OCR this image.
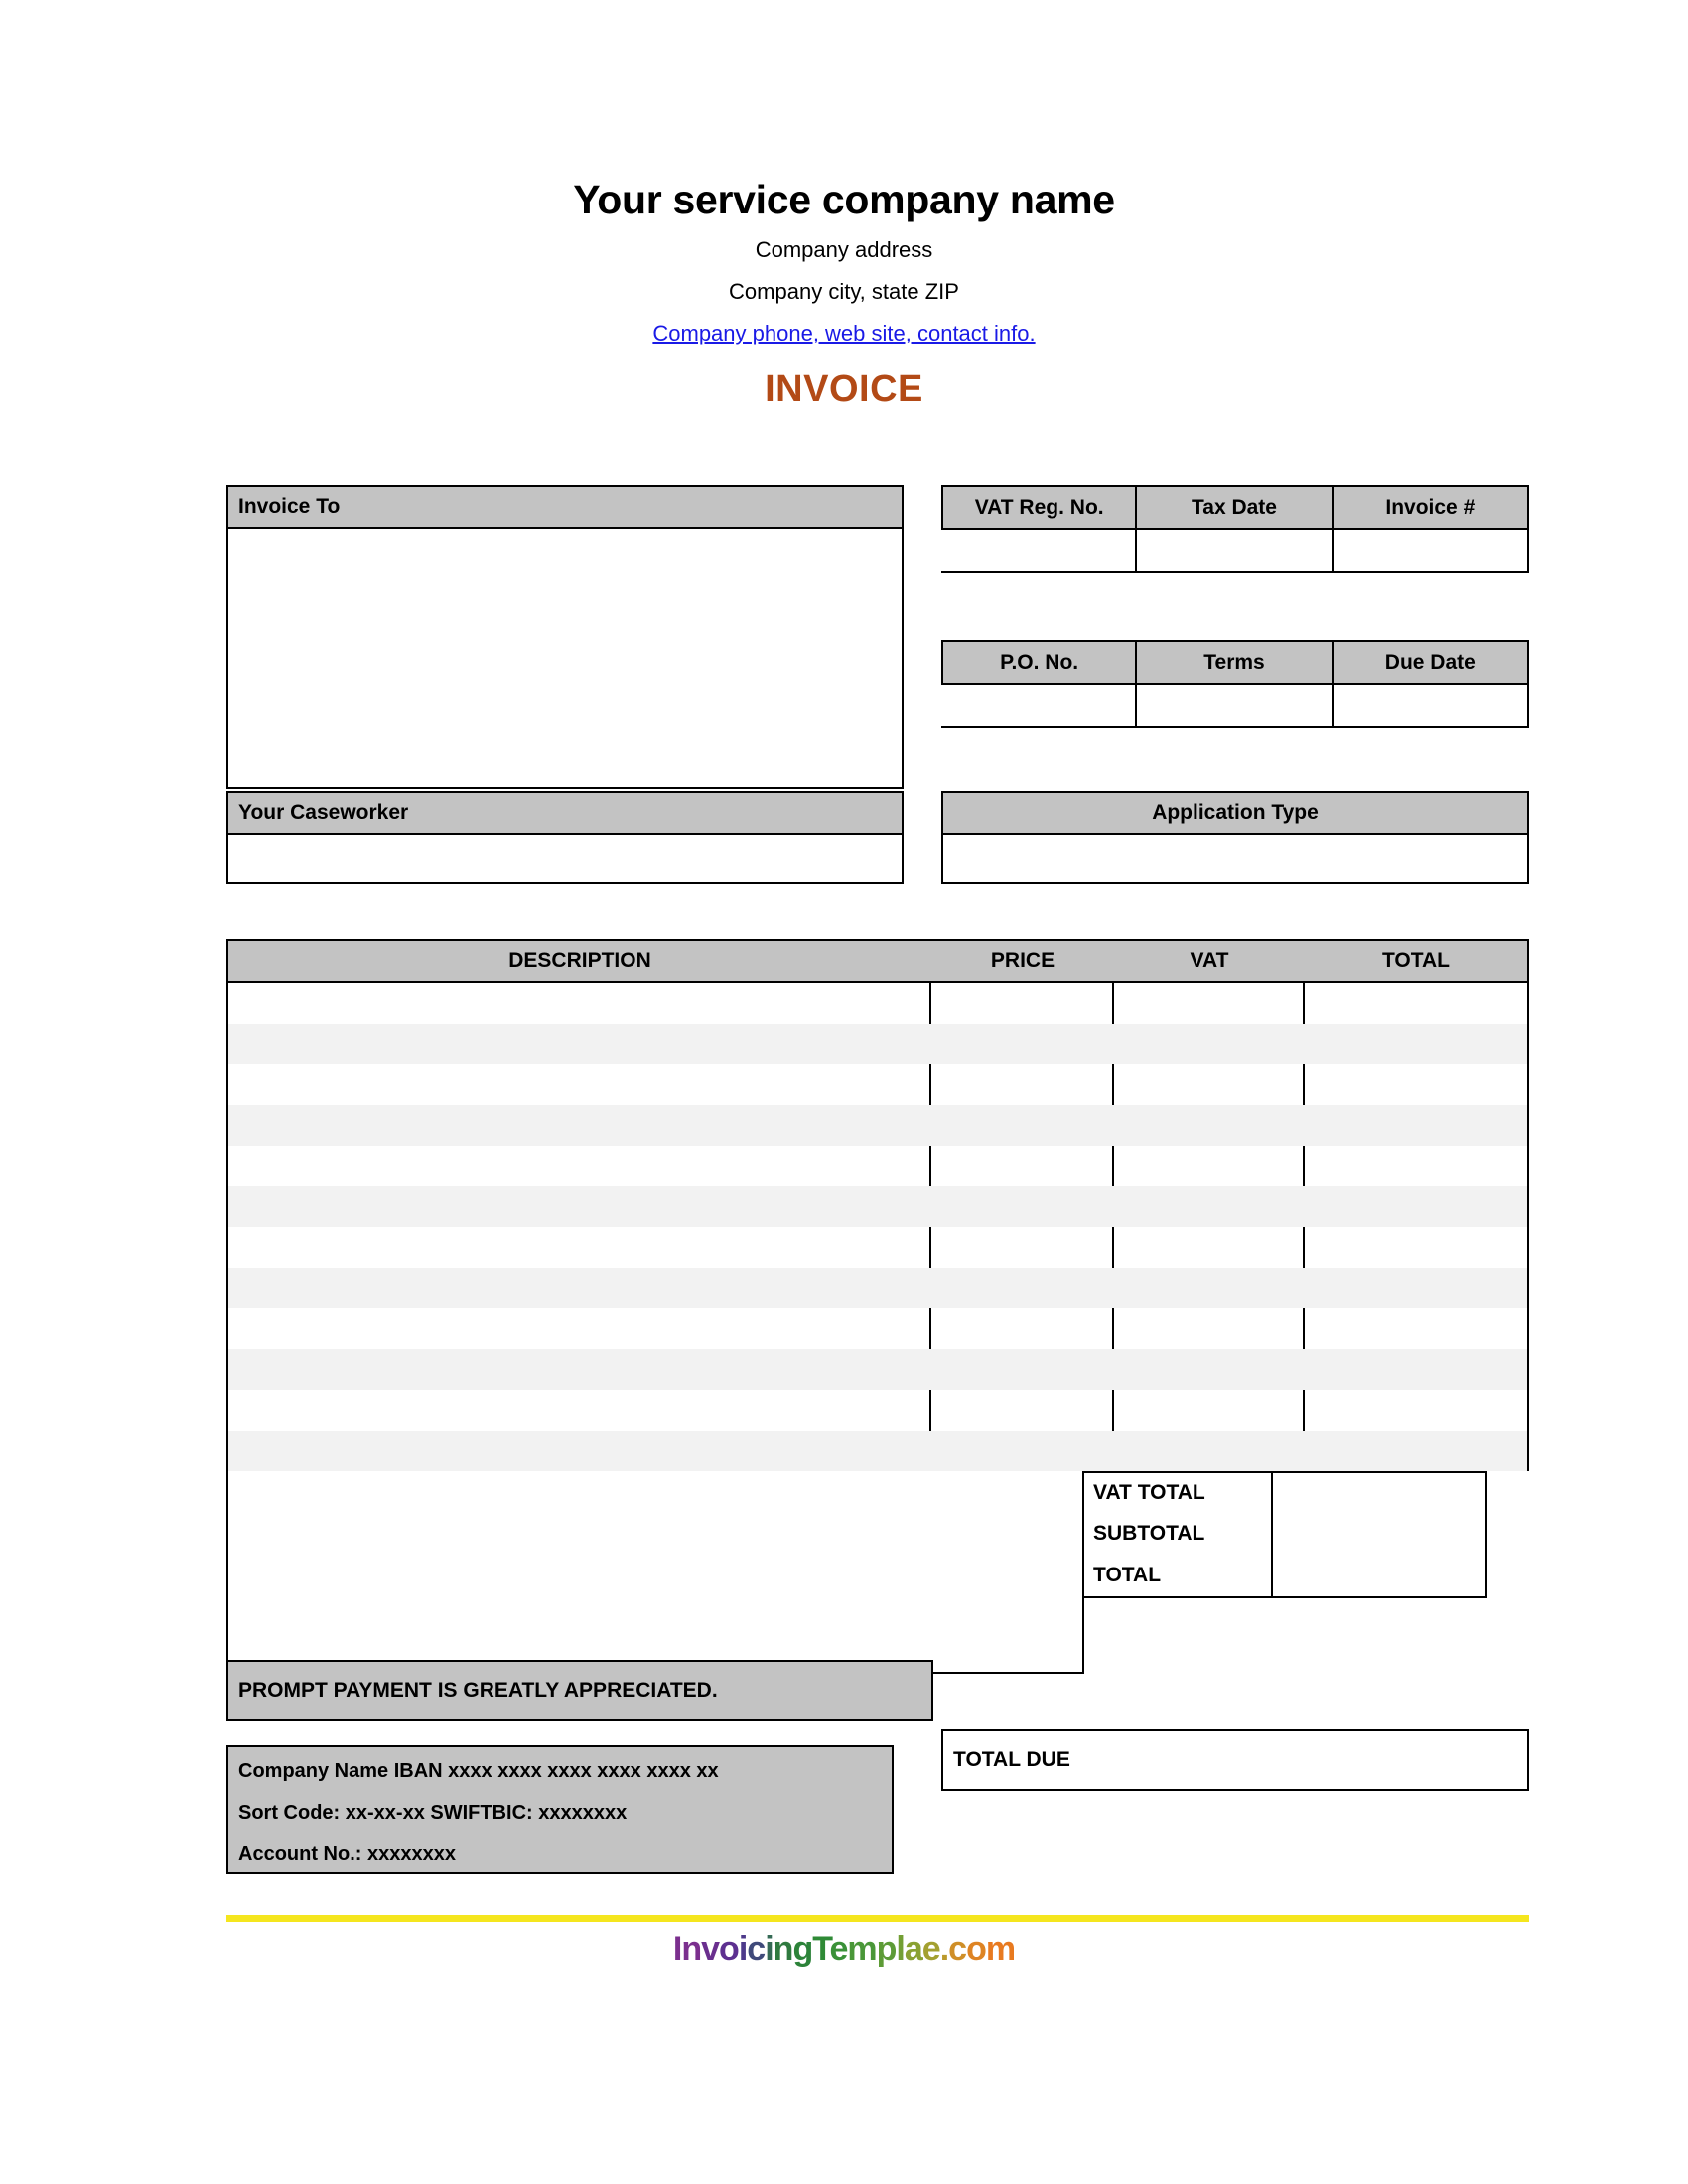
Your service company name
Company address
Company city, state ZIP
Company phone, web site, contact info.
INVOICE
Invoice To
Your Caseworker
VAT Reg. No.	Tax Date	Invoice #
P.O. No.	Terms	Due Date
Application Type
DESCRIPTION	PRICE	VAT	TOTAL
VAT TOTAL
SUBTOTAL
TOTAL
PROMPT PAYMENT IS GREATLY APPRECIATED.
Company Name IBAN xxxx xxxx xxxx xxxx xxxx xx
Sort Code: xx-xx-xx SWIFTBIC: xxxxxxxx
Account No.: xxxxxxxx
TOTAL DUE
InvoicingTemplae.com
